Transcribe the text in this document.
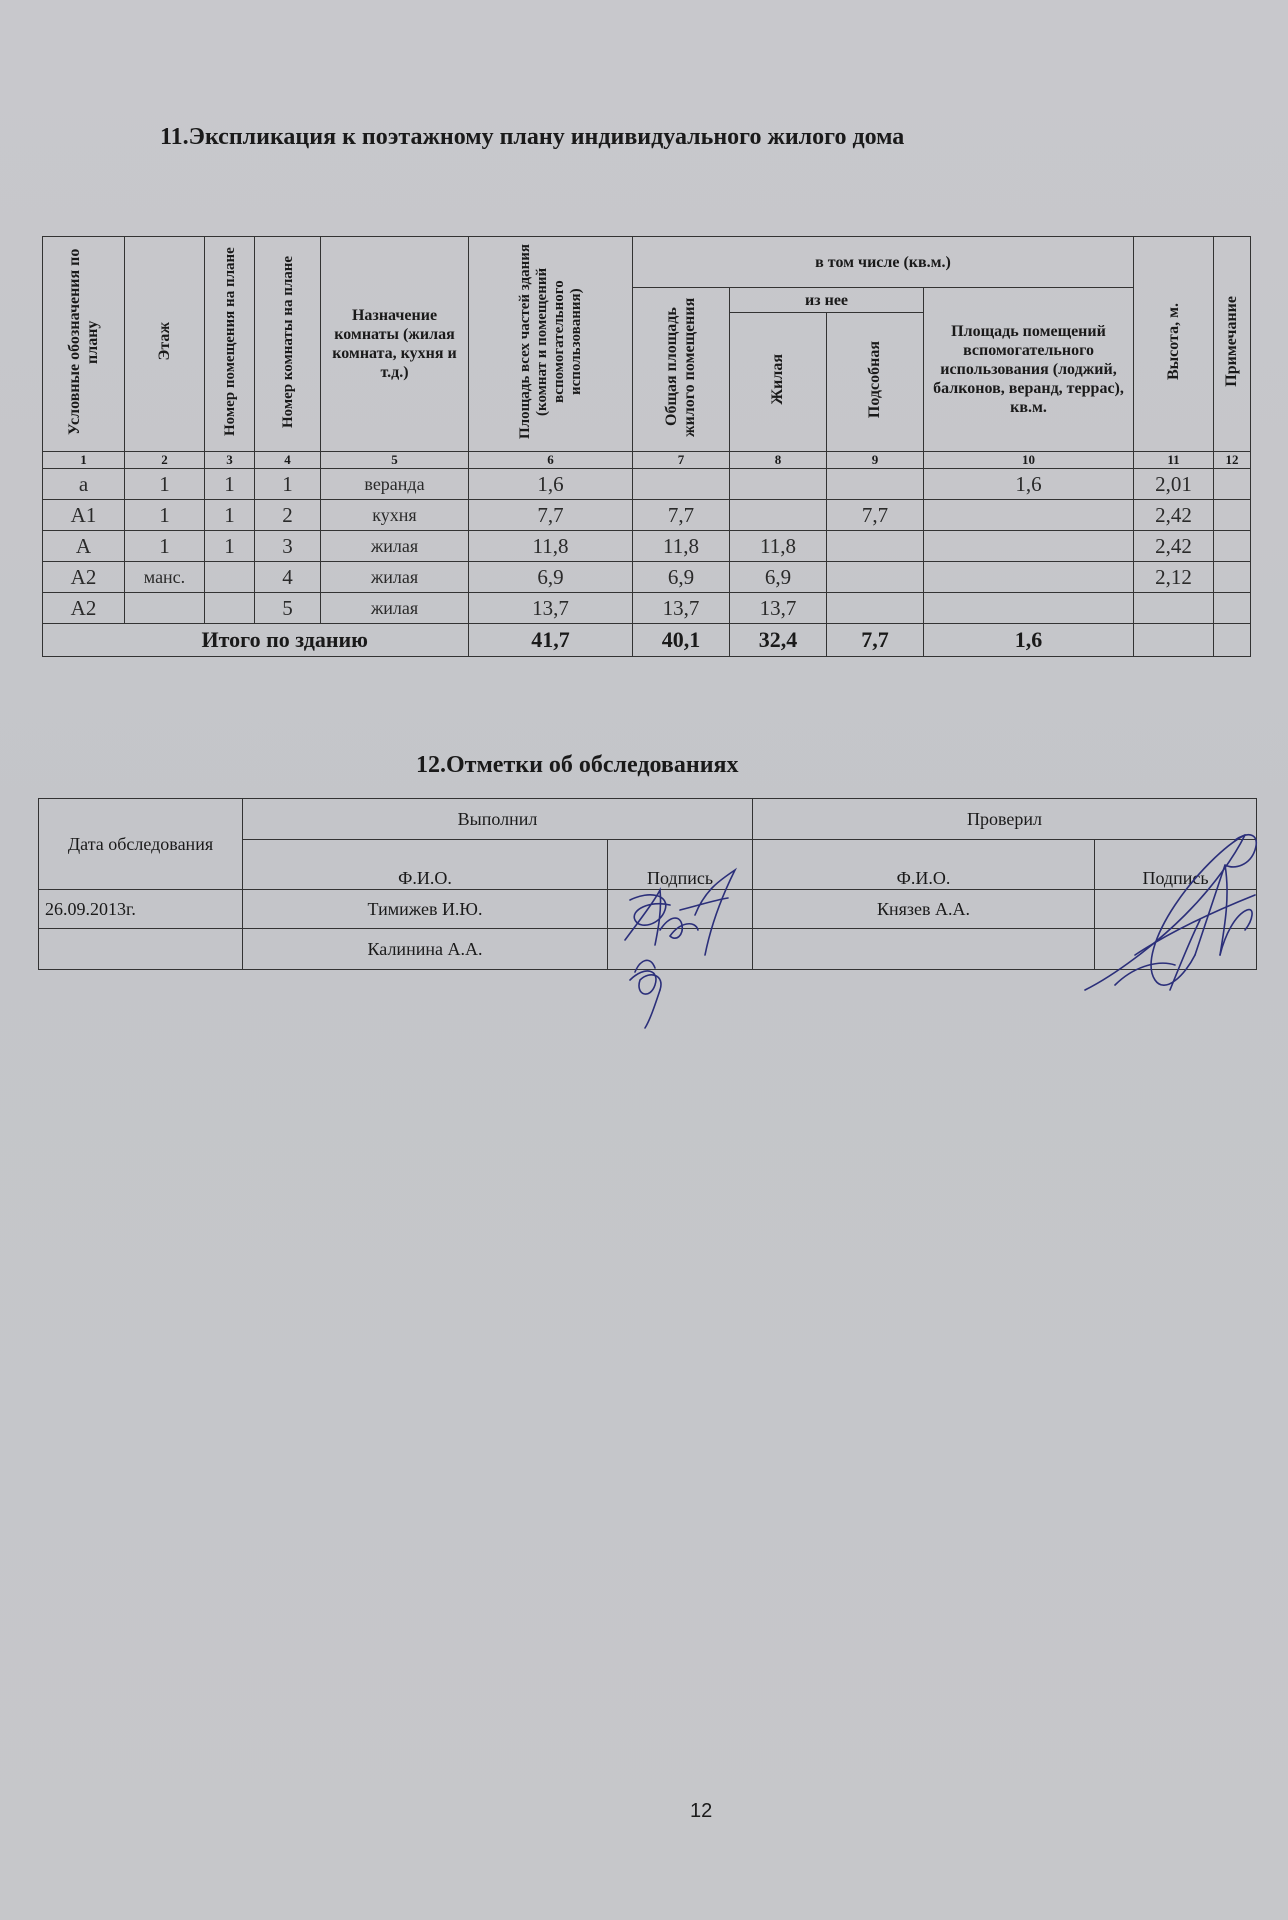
11.Экспликация к поэтажному плану индивидуального жилого дома
Условные обозначения по плану	Этаж	Номер помещения на плане	Номер комнаты на плане	Назначение комнаты (жилая комната, кухня и т.д.)	Площадь всех частей здания (комнат и помещений вспомогательного использования)	в том числе (кв.м.)				Высота, м.	Примечание
						Общая площадь жилого помещения	из нее		Площадь помещений вспомогательного использования (лоджий, балконов, веранд, террас), кв.м.		
							Жилая	Подсобная			
1	2	3	4	5	6	7	8	9	10	11	12
а	1	1	1	веранда	1,6				1,6	2,01	
А1	1	1	2	кухня	7,7	7,7		7,7		2,42	
А	1	1	3	жилая	11,8	11,8	11,8			2,42	
А2	манс.		4	жилая	6,9	6,9	6,9			2,12	
А2			5	жилая	13,7	13,7	13,7				
Итого по зданию					41,7	40,1	32,4	7,7	1,6		
12.Отметки об обследованиях
Дата обследования	Выполнил		Проверил	
	Ф.И.О.	Подпись	Ф.И.О.	Подпись
26.09.2013г.	Тимижев И.Ю.		Князев А.А.	
	Калинина А.А.			
12
